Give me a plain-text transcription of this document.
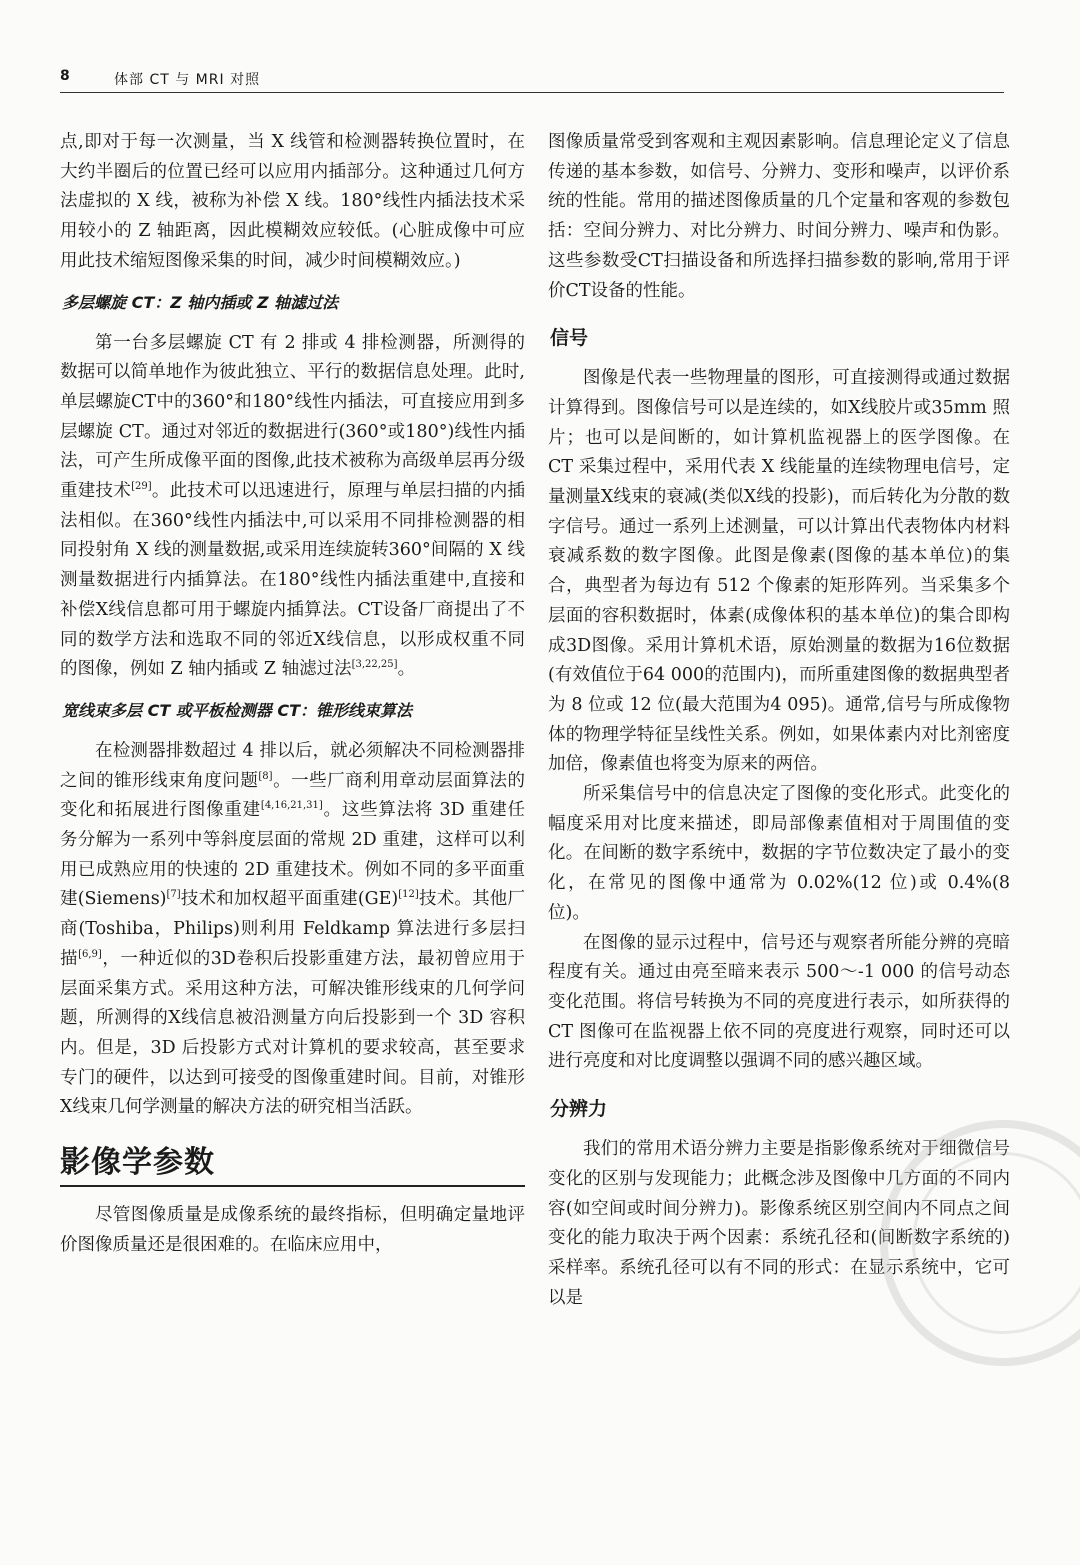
8	体部 CT 与 MRI 对照

点,即对于每一次测量，当 X 线管和检测器转换位置时，在大约半圈后的位置已经可以应用内插部分。这种通过几何方法虚拟的 X 线，被称为补偿 X 线。180°线性内插法技术采用较小的 Z 轴距离，因此模糊效应较低。(心脏成像中可应用此技术缩短图像采集的时间，减少时间模糊效应。)

多层螺旋 CT：Z 轴内插或 Z 轴滤过法

第一台多层螺旋 CT 有 2 排或 4 排检测器，所测得的数据可以简单地作为彼此独立、平行的数据信息处理。此时,单层螺旋CT中的360°和180°线性内插法，可直接应用到多层螺旋 CT。通过对邻近的数据进行(360°或180°)线性内插法，可产生所成像平面的图像,此技术被称为高级单层再分级重建技术[29]。此技术可以迅速进行，原理与单层扫描的内插法相似。在360°线性内插法中,可以采用不同排检测器的相同投射角 X 线的测量数据,或采用连续旋转360°间隔的 X 线测量数据进行内插算法。在180°线性内插法重建中,直接和补偿X线信息都可用于螺旋内插算法。CT设备厂商提出了不同的数学方法和选取不同的邻近X线信息，以形成权重不同的图像，例如 Z 轴内插或 Z 轴滤过法[3,22,25]。

宽线束多层 CT 或平板检测器 CT：锥形线束算法

在检测器排数超过 4 排以后，就必须解决不同检测器排之间的锥形线束角度问题[8]。一些厂商利用章动层面算法的变化和拓展进行图像重建[4,16,21,31]。这些算法将 3D 重建任务分解为一系列中等斜度层面的常规 2D 重建，这样可以利用已成熟应用的快速的 2D 重建技术。例如不同的多平面重建(Siemens)[7]技术和加权超平面重建(GE)[12]技术。其他厂商(Toshiba，Philips)则利用 Feldkamp 算法进行多层扫描[6,9]，一种近似的3D卷积后投影重建方法，最初曾应用于层面采集方式。采用这种方法，可解决锥形线束的几何学问题，所测得的X线信息被沿测量方向后投影到一个 3D 容积内。但是，3D 后投影方式对计算机的要求较高，甚至要求专门的硬件，以达到可接受的图像重建时间。目前，对锥形X线束几何学测量的解决方法的研究相当活跃。

影像学参数

尽管图像质量是成像系统的最终指标，但明确定量地评价图像质量还是很困难的。在临床应用中，

图像质量常受到客观和主观因素影响。信息理论定义了信息传递的基本参数，如信号、分辨力、变形和噪声，以评价系统的性能。常用的描述图像质量的几个定量和客观的参数包括：空间分辨力、对比分辨力、时间分辨力、噪声和伪影。这些参数受CT扫描设备和所选择扫描参数的影响,常用于评价CT设备的性能。

信号

图像是代表一些物理量的图形，可直接测得或通过数据计算得到。图像信号可以是连续的，如X线胶片或35mm 照片；也可以是间断的，如计算机监视器上的医学图像。在 CT 采集过程中，采用代表 X 线能量的连续物理电信号，定量测量X线束的衰减(类似X线的投影)，而后转化为分散的数字信号。通过一系列上述测量，可以计算出代表物体内材料衰减系数的数字图像。此图是像素(图像的基本单位)的集合，典型者为每边有 512 个像素的矩形阵列。当采集多个层面的容积数据时，体素(成像体积的基本单位)的集合即构成3D图像。采用计算机术语，原始测量的数据为16位数据(有效值位于64 000的范围内)，而所重建图像的数据典型者为 8 位或 12 位(最大范围为4 095)。通常,信号与所成像物体的物理学特征呈线性关系。例如，如果体素内对比剂密度加倍，像素值也将变为原来的两倍。

所采集信号中的信息决定了图像的变化形式。此变化的幅度采用对比度来描述，即局部像素值相对于周围值的变化。在间断的数字系统中，数据的字节位数决定了最小的变化，在常见的图像中通常为 0.02%(12 位)或 0.4%(8 位)。

在图像的显示过程中，信号还与观察者所能分辨的亮暗程度有关。通过由亮至暗来表示 500～-1 000 的信号动态变化范围。将信号转换为不同的亮度进行表示，如所获得的 CT 图像可在监视器上依不同的亮度进行观察，同时还可以进行亮度和对比度调整以强调不同的感兴趣区域。

分辨力

我们的常用术语分辨力主要是指影像系统对于细微信号变化的区别与发现能力；此概念涉及图像中几方面的不同内容(如空间或时间分辨力)。影像系统区别空间内不同点之间变化的能力取决于两个因素：系统孔径和(间断数字系统的)采样率。系统孔径可以有不同的形式：在显示系统中，它可以是
